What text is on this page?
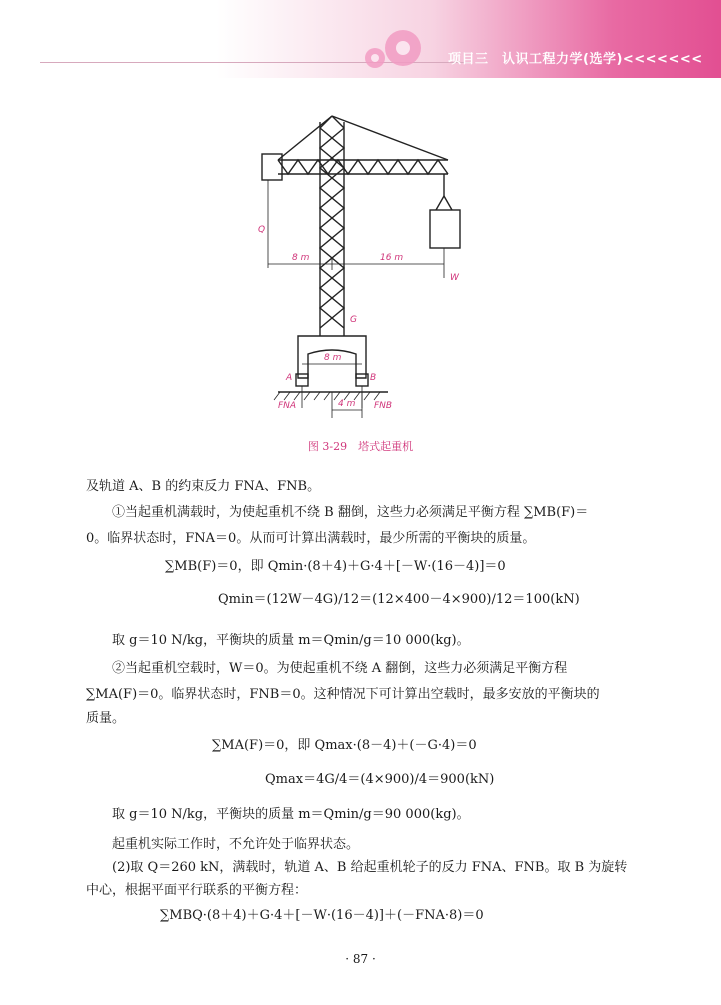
项目三　认识工程力学(选学)<<<<<<<
Q
8 m	16 m
W
G
8 m
A	B
FNA	FNB
4 m
图 3-29　塔式起重机
及轨道 A、B 的约束反力 FNA、FNB。
①当起重机满载时，为使起重机不绕 B 翻倒，这些力必须满足平衡方程 ∑MB(F)＝
0。临界状态时，FNA＝0。从而可计算出满载时，最少所需的平衡块的质量。
∑MB(F)＝0，即 Qmin·(8＋4)＋G·4＋[－W·(16－4)]＝0
Qmin＝(12W－4G)/12＝(12×400－4×900)/12＝100(kN)
取 g＝10 N/kg，平衡块的质量 m＝Qmin/g＝10 000(kg)。
②当起重机空载时，W＝0。为使起重机不绕 A 翻倒，这些力必须满足平衡方程
∑MA(F)＝0。临界状态时，FNB＝0。这种情况下可计算出空载时，最多安放的平衡块的
质量。
∑MA(F)＝0，即 Qmax·(8－4)＋(－G·4)＝0
Qmax＝4G/4＝(4×900)/4＝900(kN)
取 g＝10 N/kg，平衡块的质量 m＝Qmin/g＝90 000(kg)。
起重机实际工作时，不允许处于临界状态。
(2)取 Q＝260 kN，满载时，轨道 A、B 给起重机轮子的反力 FNA、FNB。取 B 为旋转
中心，根据平面平行联系的平衡方程：
∑MBQ·(8＋4)＋G·4＋[－W·(16－4)]＋(－FNA·8)＝0
· 87 ·
